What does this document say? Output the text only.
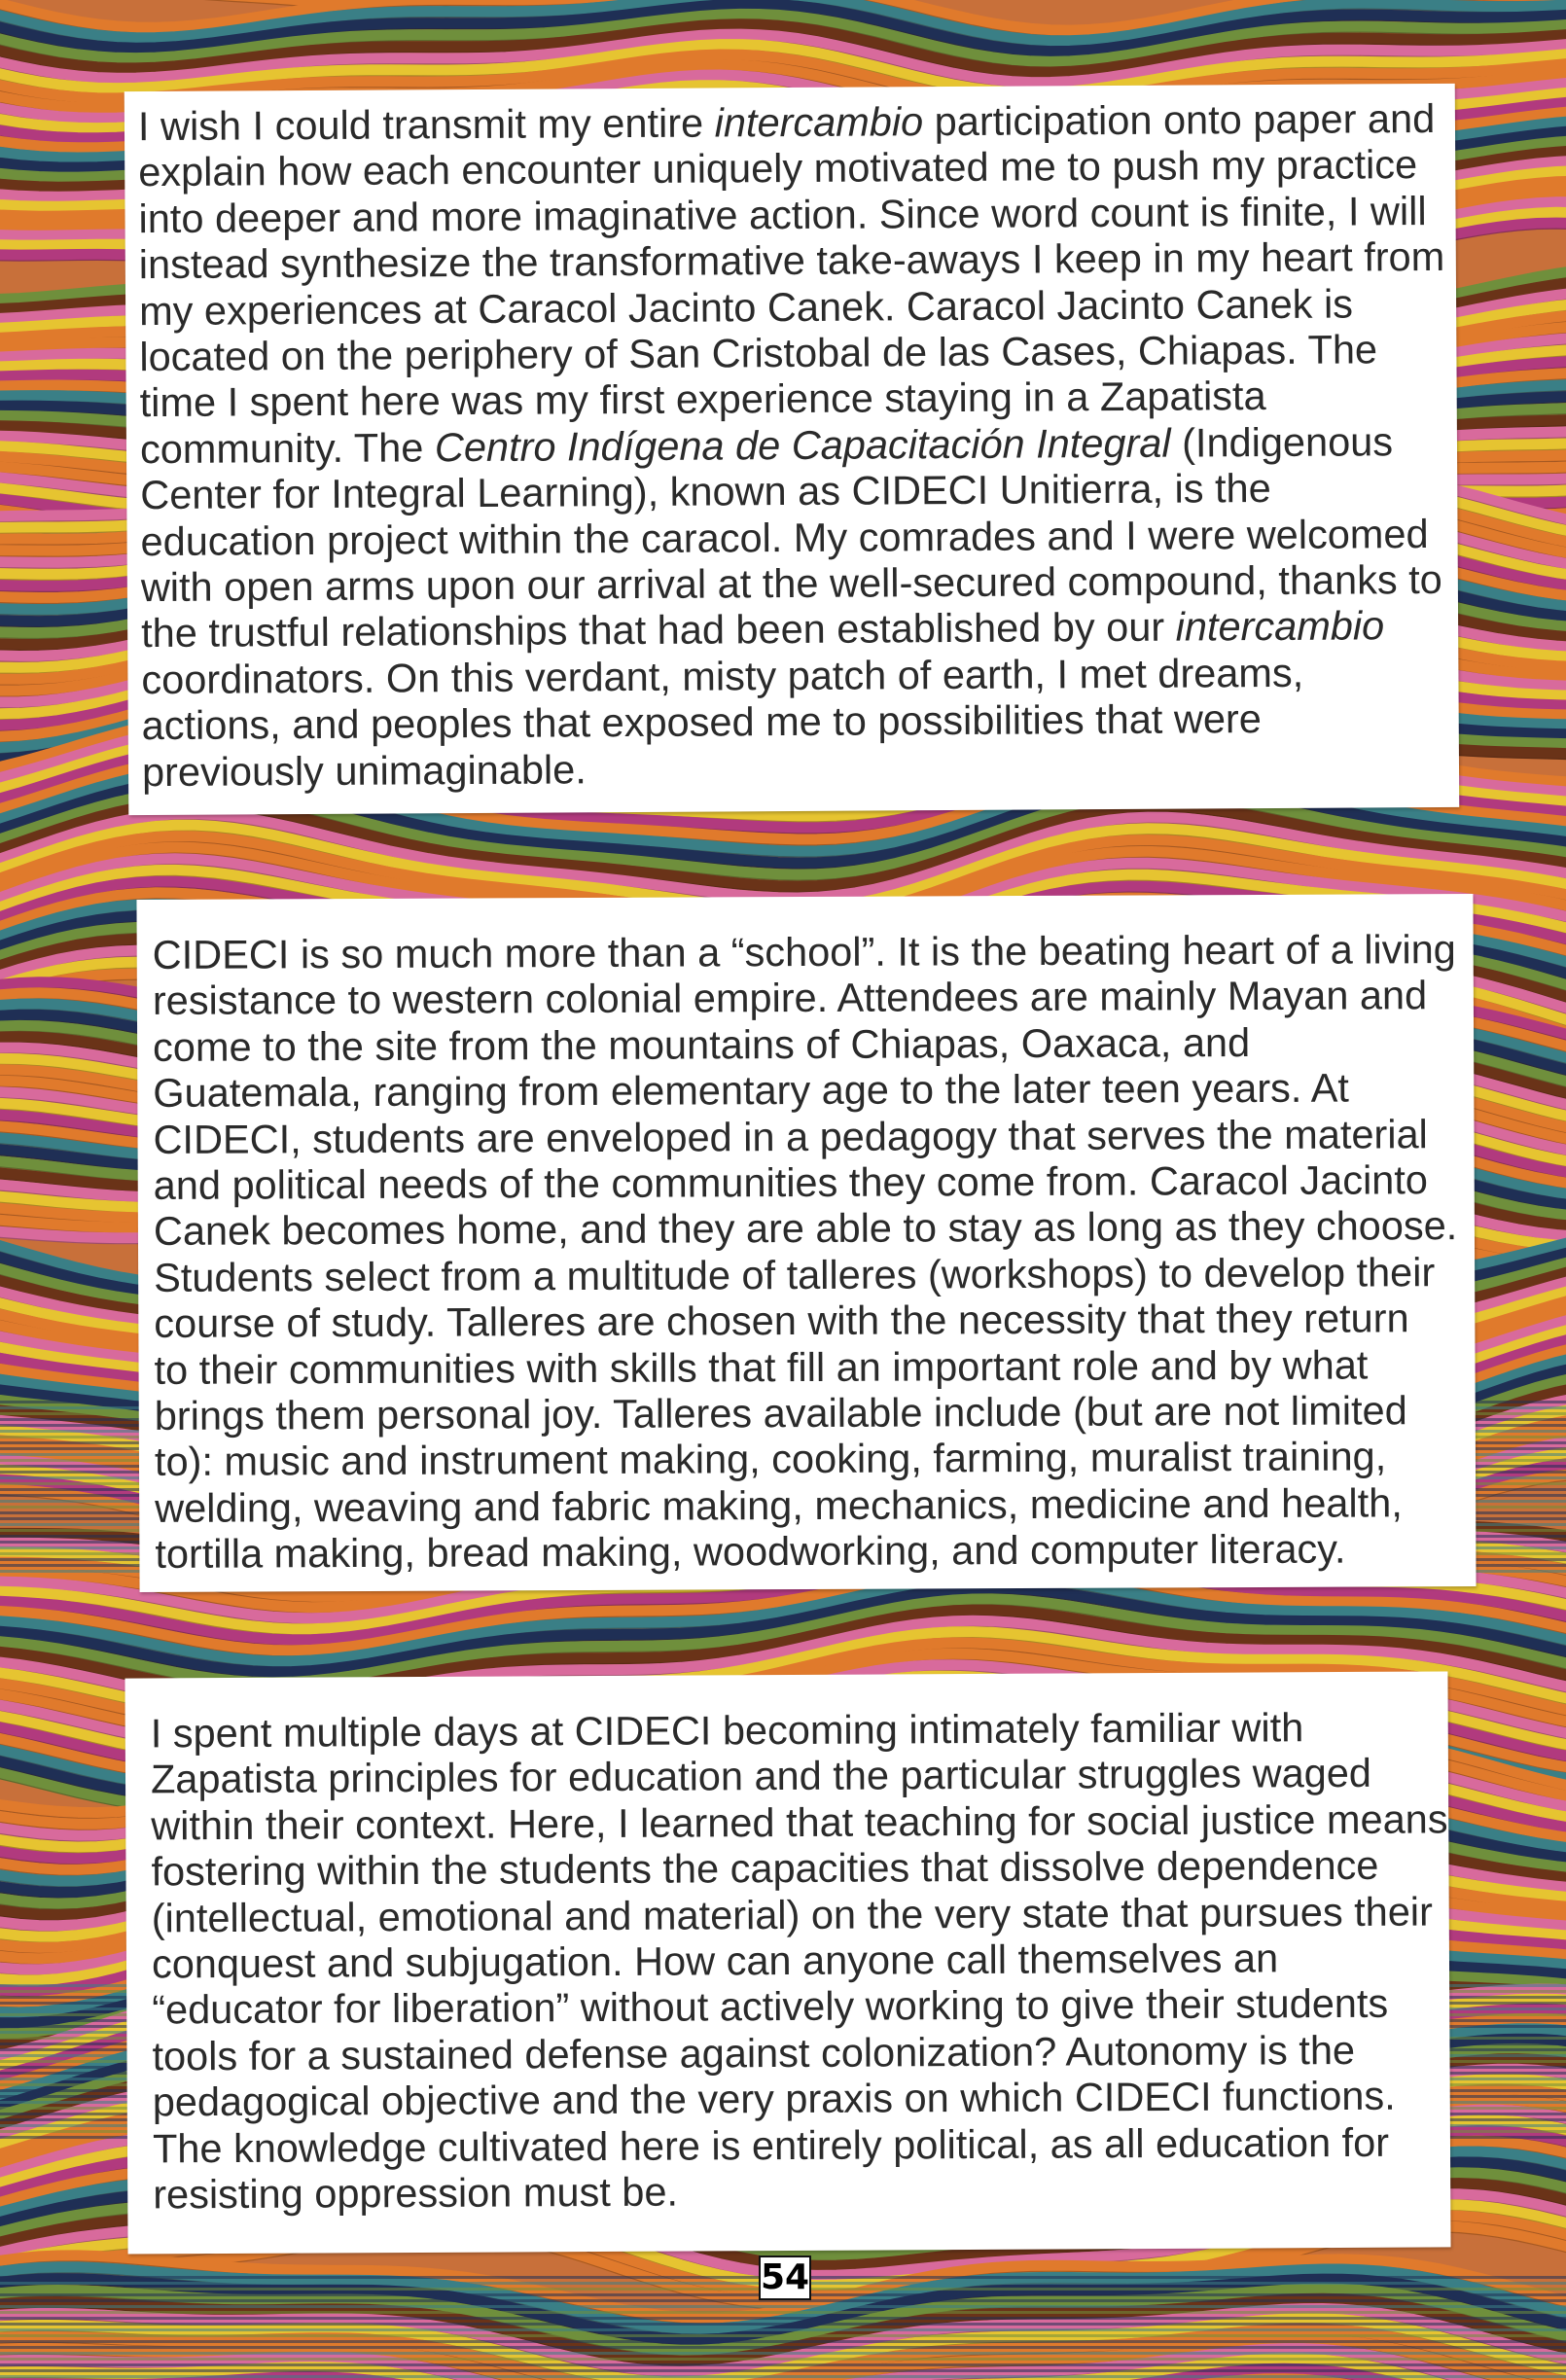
I wish I could transmit my entire intercambio participation onto paper and
explain how each encounter uniquely motivated me to push my practice
into deeper and more imaginative action. Since word count is finite, I will
instead synthesize the transformative take-aways I keep in my heart from
my experiences at Caracol Jacinto Canek. Caracol Jacinto Canek is
located on the periphery of San Cristobal de las Cases, Chiapas. The
time I spent here was my first experience staying in a Zapatista
community. The Centro Indígena de Capacitación Integral (Indigenous
Center for Integral Learning), known as CIDECI Unitierra, is the
education project within the caracol. My comrades and I were welcomed
with open arms upon our arrival at the well-secured compound, thanks to
the trustful relationships that had been established by our intercambio
coordinators. On this verdant, misty patch of earth, I met dreams,
actions, and peoples that exposed me to possibilities that were
previously unimaginable.

CIDECI is so much more than a “school”. It is the beating heart of a living
resistance to western colonial empire. Attendees are mainly Mayan and
come to the site from the mountains of Chiapas, Oaxaca, and
Guatemala, ranging from elementary age to the later teen years. At
CIDECI, students are enveloped in a pedagogy that serves the material
and political needs of the communities they come from. Caracol Jacinto
Canek becomes home, and they are able to stay as long as they choose.
Students select from a multitude of talleres (workshops) to develop their
course of study. Talleres are chosen with the necessity that they return
to their communities with skills that fill an important role and by what
brings them personal joy. Talleres available include (but are not limited
to): music and instrument making, cooking, farming, muralist training,
welding, weaving and fabric making, mechanics, medicine and health,
tortilla making, bread making, woodworking, and computer literacy.

I spent multiple days at CIDECI becoming intimately familiar with
Zapatista principles for education and the particular struggles waged
within their context. Here, I learned that teaching for social justice means
fostering within the students the capacities that dissolve dependence
(intellectual, emotional and material) on the very state that pursues their
conquest and subjugation. How can anyone call themselves an
“educator for liberation” without actively working to give their students
tools for a sustained defense against colonization? Autonomy is the
pedagogical objective and the very praxis on which CIDECI functions.
The knowledge cultivated here is entirely political, as all education for
resisting oppression must be.

54
